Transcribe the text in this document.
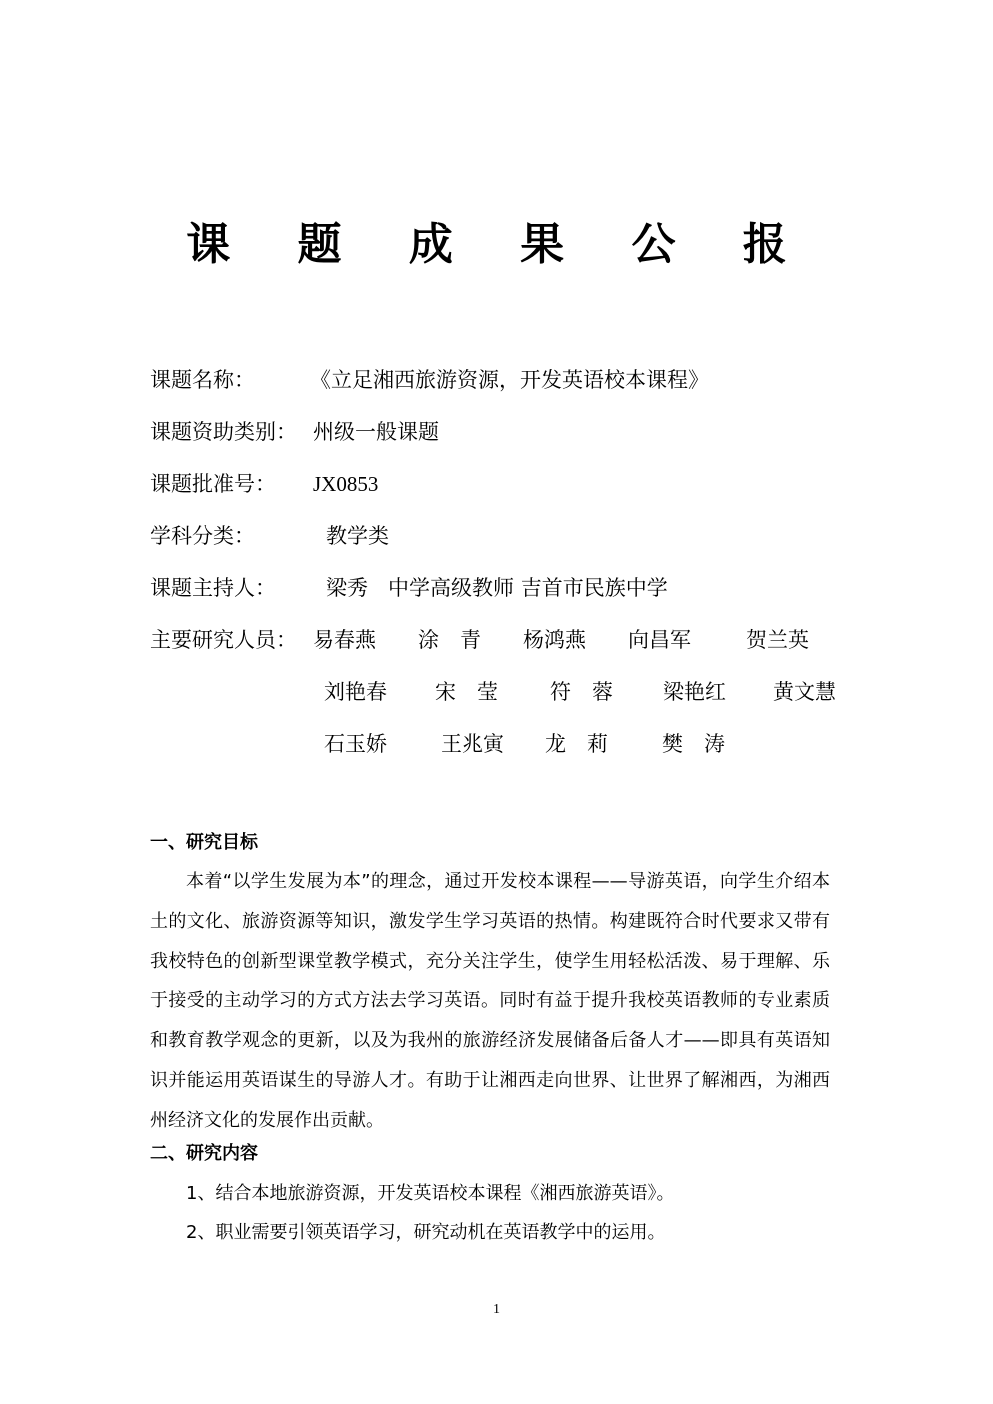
课 题 成 果 公 报
课题名称：	《立足湘西旅游资源，开发英语校本课程》
课题资助类别： 州级一般课题
课题批准号： JX0853
学科分类：	教学类
课题主持人： 梁秀   中学高级教师 吉首市民族中学
主要研究人员： 易春燕 涂　青 杨鸿燕 向昌军	贺兰英
刘艳春 宋　莹 符　蓉 梁艳红 黄文慧
石玉娇	王兆寅 龙　莉	樊　涛
一、研究目标
本着“以学生发展为本”的理念，通过开发校本课程——导游英语，向学生介绍本土的文化、旅游资源等知识，激发学生学习英语的热情。构建既符合时代要求又带有我校特色的创新型课堂教学模式，充分关注学生，使学生用轻松活泼、易于理解、乐于接受的主动学习的方式方法去学习英语。同时有益于提升我校英语教师的专业素质和教育教学观念的更新，以及为我州的旅游经济发展储备后备人才——即具有英语知识并能运用英语谋生的导游人才。有助于让湘西走向世界、让世界了解湘西，为湘西州经济文化的发展作出贡献。
二、研究内容
1、结合本地旅游资源，开发英语校本课程《湘西旅游英语》。
2、职业需要引领英语学习，研究动机在英语教学中的运用。
1
